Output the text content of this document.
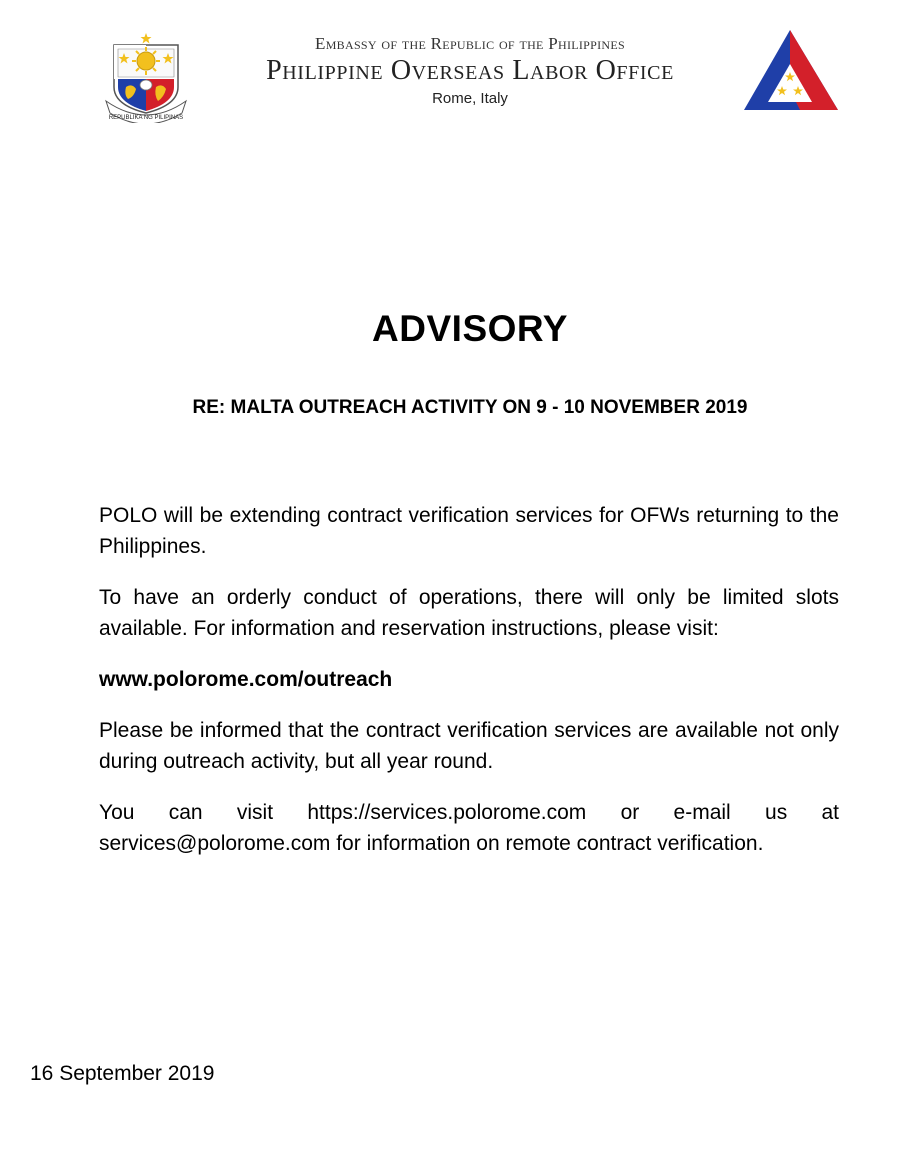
REPUBLIKA NG PILIPINAS
Embassy of the Republic of the Philippines
Philippine Overseas Labor Office
Rome, Italy
ADVISORY
RE: MALTA OUTREACH ACTIVITY ON 9 - 10 NOVEMBER 2019

POLO will be extending contract verification services for OFWs returning to the Philippines.

To have an orderly conduct of operations, there will only be limited slots available. For information and reservation instructions, please visit:

www.polorome.com/outreach

Please be informed that the contract verification services are available not only during outreach activity, but all year round.

You can visit https://services.polorome.com or e-mail us at services@polorome.com for information on remote contract verification.

16 September 2019
